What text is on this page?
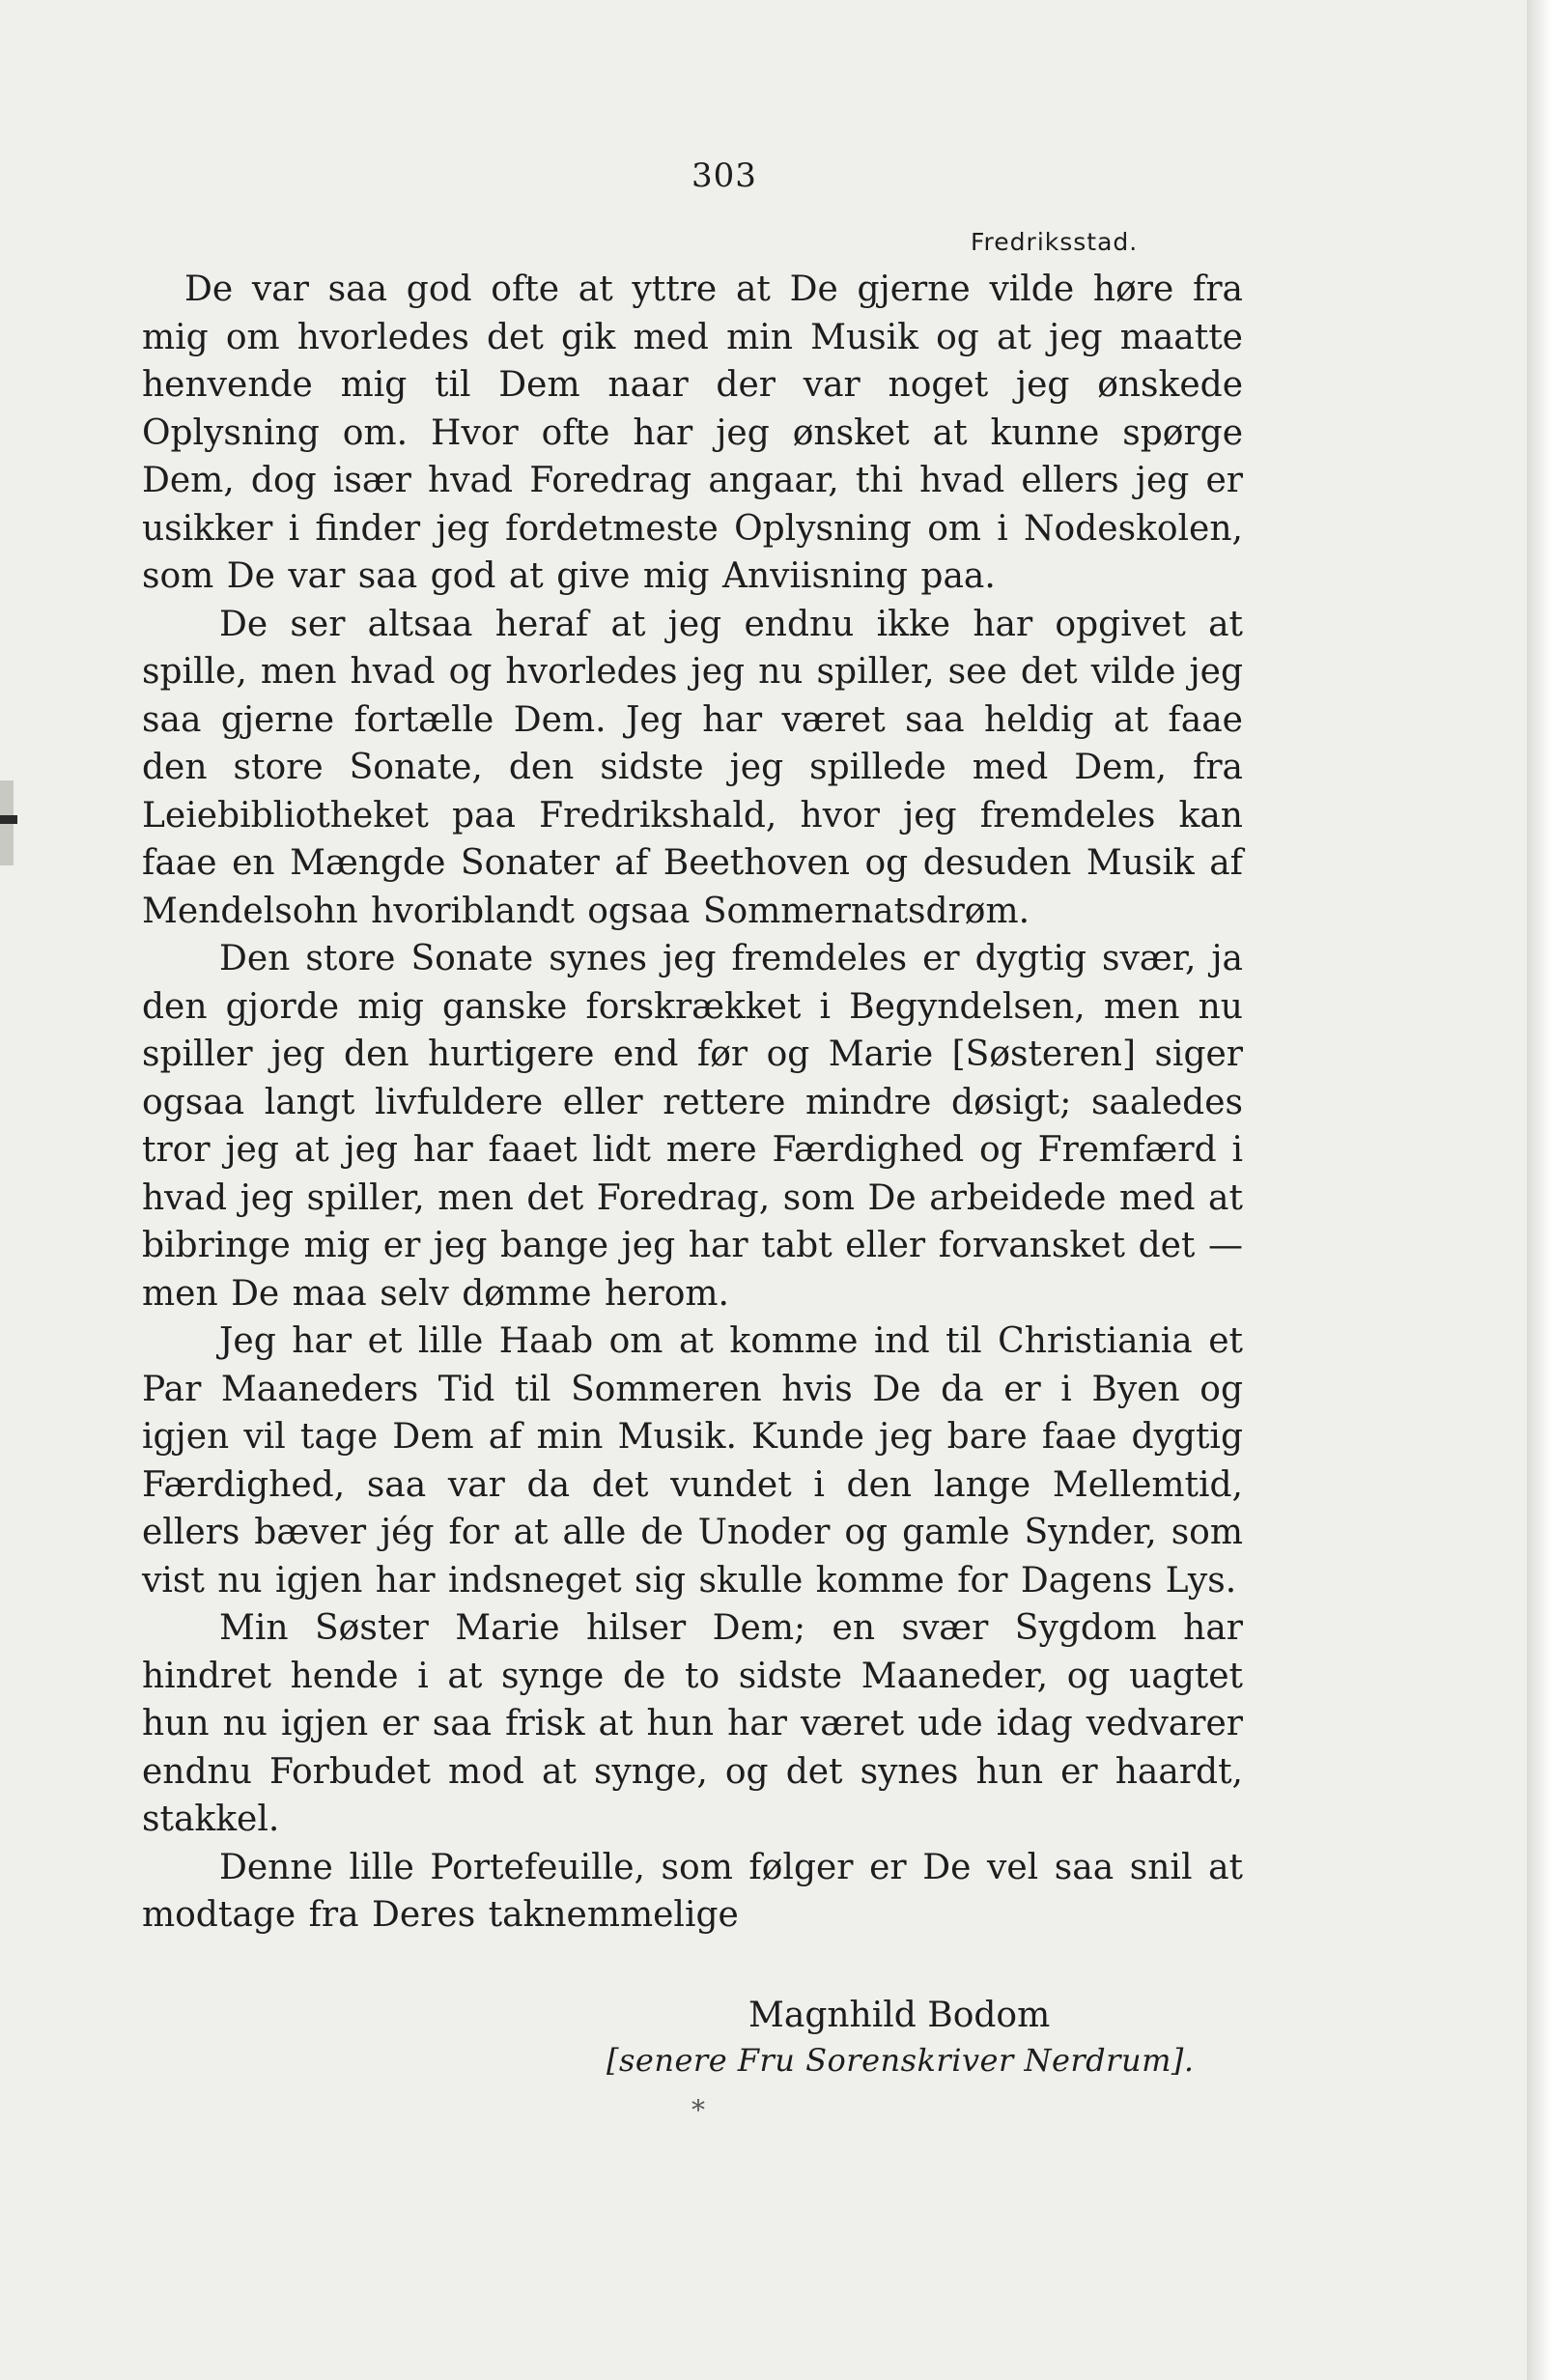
303
Fredriksstad.

De var saa god ofte at yttre at De gjerne vilde høre fra mig om hvorledes det gik med min Musik og at jeg maatte henvende mig til Dem naar der var noget jeg ønskede Oplysning om. Hvor ofte har jeg ønsket at kunne spørge Dem, dog især hvad Foredrag angaar, thi hvad ellers jeg er usikker i finder jeg fordetmeste Oplysning om i Nodeskolen, som De var saa god at give mig Anviisning paa.

De ser altsaa heraf at jeg endnu ikke har opgivet at spille, men hvad og hvorledes jeg nu spiller, see det vilde jeg saa gjerne fortælle Dem. Jeg har været saa heldig at faae den store Sonate, den sidste jeg spillede med Dem, fra Leiebibliotheket paa Fredrikshald, hvor jeg fremdeles kan faae en Mængde Sonater af Beethoven og desuden Musik af Mendelsohn hvoriblandt ogsaa Sommernatsdrøm.

Den store Sonate synes jeg fremdeles er dygtig svær, ja den gjorde mig ganske forskrækket i Begyndelsen, men nu spiller jeg den hurtigere end før og Marie [Søsteren] siger ogsaa langt livfuldere eller rettere mindre døsigt; saaledes tror jeg at jeg har faaet lidt mere Færdighed og Fremfærd i hvad jeg spiller, men det Foredrag, som De arbeidede med at bibringe mig er jeg bange jeg har tabt eller forvansket det — men De maa selv dømme herom.

Jeg har et lille Haab om at komme ind til Christiania et Par Maaneders Tid til Sommeren hvis De da er i Byen og igjen vil tage Dem af min Musik. Kunde jeg bare faae dygtig Færdighed, saa var da det vundet i den lange Mellemtid, ellers bæver jég for at alle de Unoder og gamle Synder, som vist nu igjen har indsneget sig skulle komme for Dagens Lys.

Min Søster Marie hilser Dem; en svær Sygdom har hindret hende i at synge de to sidste Maaneder, og uagtet hun nu igjen er saa frisk at hun har været ude idag vedvarer endnu Forbudet mod at synge, og det synes hun er haardt, stakkel.

Denne lille Portefeuille, som følger er De vel saa snil at modtage fra Deres taknemmelige

Magnhild Bodom
[senere Fru Sorenskriver Nerdrum].
*
